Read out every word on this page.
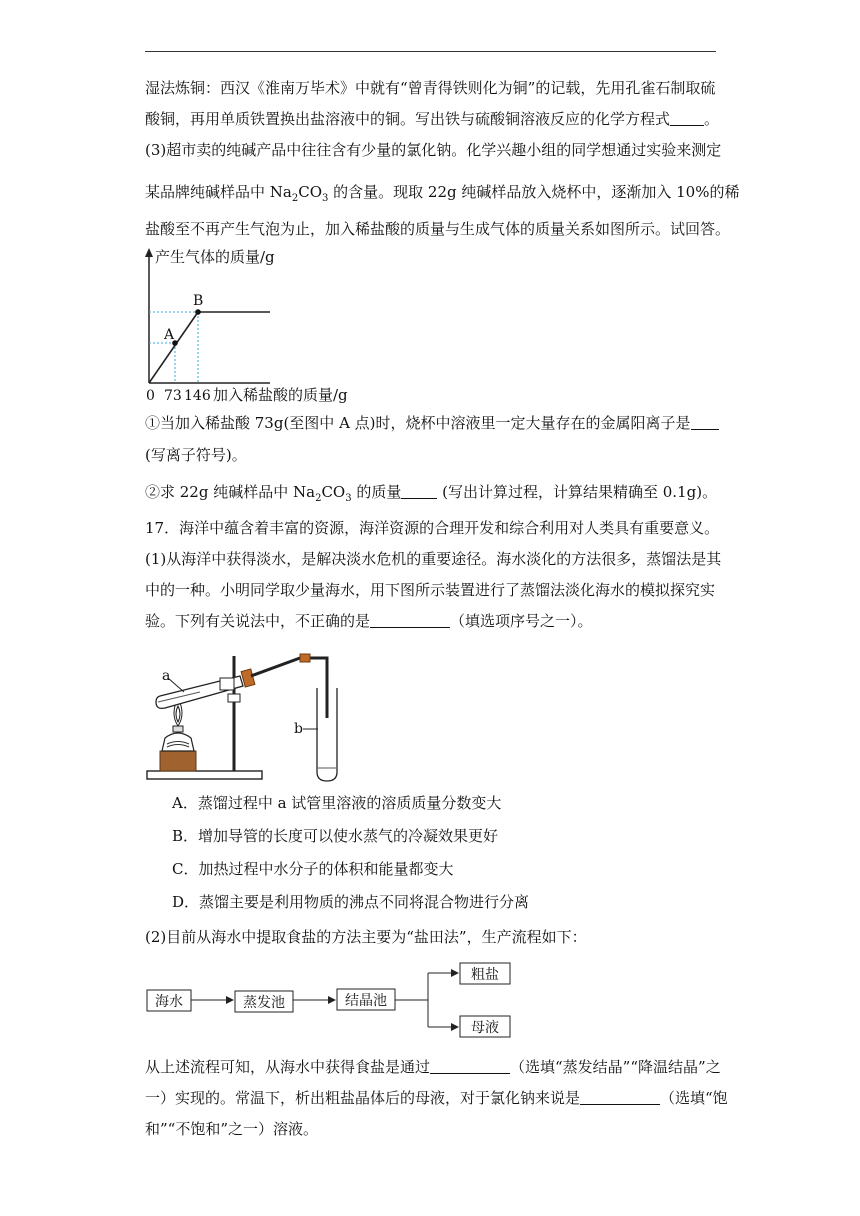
湿法炼铜：西汉《淮南万毕术》中就有“曾青得铁则化为铜”的记载，先用孔雀石制取硫
酸铜，再用单质铁置换出盐溶液中的铜。写出铁与硫酸铜溶液反应的化学方程式 。
(3)超市卖的纯碱产品中往往含有少量的氯化钠。化学兴趣小组的同学想通过实验来测定
某品牌纯碱样品中 $Na_2CO_3$ 的含量。现取 22g 纯碱样品放入烧杯中，逐渐加入 10%的稀
盐酸至不再产生气泡为止，加入稀盐酸的质量与生成气体的质量关系如图所示。试回答。
产生气体的质量/g
A
B
0 73 146 加入稀盐酸的质量/g
①当加入稀盐酸 73g(至图中 A 点)时，烧杯中溶液里一定大量存在的金属阳离子是
(写离子符号)。
②求 22g 纯碱样品中 $Na_2CO_3$ 的质量 (写出计算过程，计算结果精确至 0.1g)。
17．海洋中蕴含着丰富的资源，海洋资源的合理开发和综合利用对人类具有重要意义。
(1)从海洋中获得淡水，是解决淡水危机的重要途径。海水淡化的方法很多，蒸馏法是其
中的一种。小明同学取少量海水，用下图所示装置进行了蒸馏法淡化海水的模拟探究实
验。下列有关说法中，不正确的是	（填选项序号之一）。
a
b
A．蒸馏过程中 a 试管里溶液的溶质质量分数变大
B．增加导管的长度可以使水蒸气的冷凝效果更好
C．加热过程中水分子的体积和能量都变大
D．蒸馏主要是利用物质的沸点不同将混合物进行分离
(2)目前从海水中提取食盐的方法主要为“盐田法”，生产流程如下：
海水	蒸发池	结晶池
粗盐
母液
从上述流程可知，从海水中获得食盐是通过	（选填“蒸发结晶”“降温结晶”之
一）实现的。常温下，析出粗盐晶体后的母液，对于氯化钠来说是	（选填“饱
和”“不饱和”之一）溶液。
